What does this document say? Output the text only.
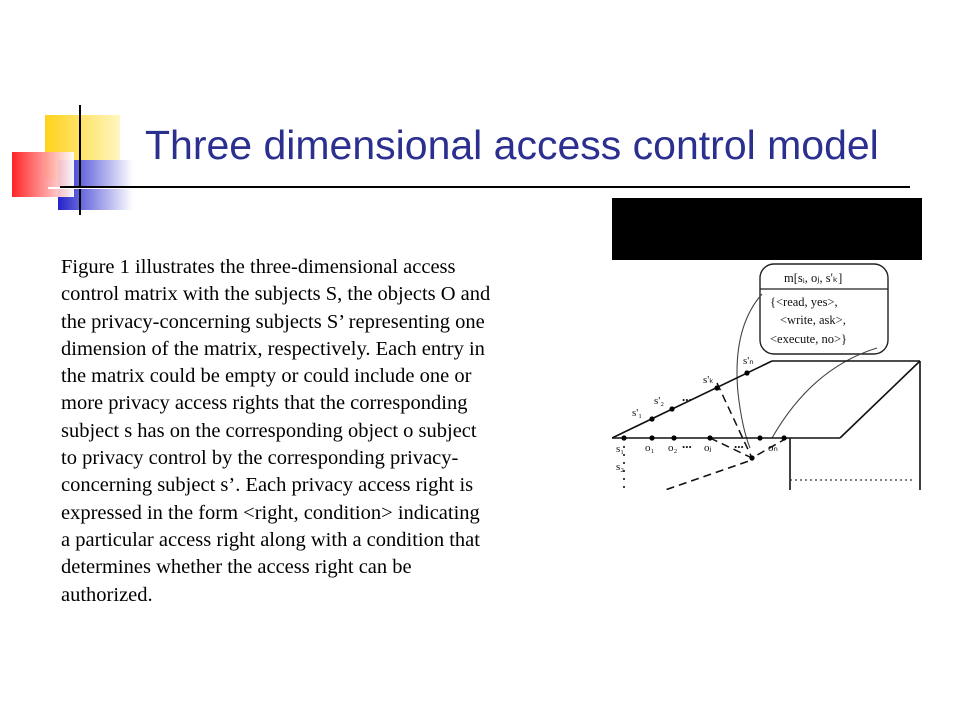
Three dimensional access control model
Figure 1 illustrates the three-dimensional access
control matrix with the subjects S, the objects O and
the privacy-concerning subjects S’ representing one
dimension of the matrix, respectively. Each entry in
the matrix could be empty or could include one or
more privacy access rights that the corresponding
subject s has on the corresponding object o subject
to privacy control by the corresponding privacy-
concerning subject s’. Each privacy access right is
expressed in the form <right, condition> indicating
a particular access right along with a condition that
determines whether the access right can be
authorized.
m[sᵢ, oⱼ, s'ₖ]
{<read, yes>,
<write, ask>,
<execute, no>}
...
s'₁
s'₂
s'ₖ
s'ₙ
o₁ o₂ oⱼ	oₙ
...	...
s₁
s₂
